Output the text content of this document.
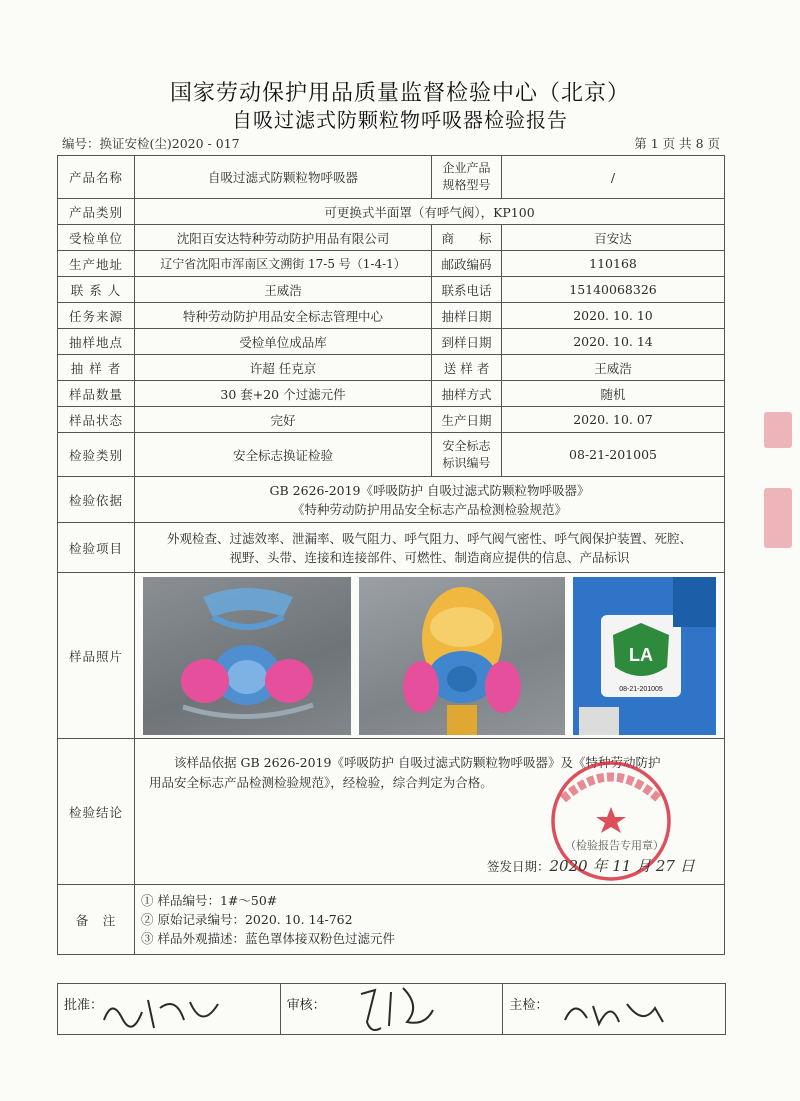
国家劳动保护用品质量监督检验中心（北京）
自吸过滤式防颗粒物呼吸器检验报告
编号：换证安检(尘)2020 - 017	第 1 页 共 8 页
产品名称	自吸过滤式防颗粒物呼吸器	企业产品规格型号	/
产品类别	可更换式半面罩（有呼气阀），KP100		
受检单位	沈阳百安达特种劳动防护用品有限公司	商　　标	百安达
生产地址	辽宁省沈阳市浑南区文溯街 17-5 号（1-4-1）	邮政编码	110168
联 系 人	王威浩	联系电话	15140068326
任务来源	特种劳动防护用品安全标志管理中心	抽样日期	2020. 10. 10
抽样地点	受检单位成品库	到样日期	2020. 10. 14
抽 样 者	许超 任克京	送 样 者	王威浩
样品数量	30 套+20 个过滤元件	抽样方式	随机
样品状态	完好	生产日期	2020. 10. 07
检验类别	安全标志换证检验	安全标志标识编号	08-21-201005
检验依据	GB 2626-2019《呼吸防护 自吸过滤式防颗粒物呼吸器》
《特种劳动防护用品安全标志产品检测检验规范》		

检验项目	外观检查、过滤效率、泄漏率、吸气阻力、呼气阻力、呼气阀气密性、呼气阀保护装置、死腔、
视野、头带、连接和连接部件、可燃性、制造商应提供的信息、产品标识		

样品照片	LA
08-21-201005		

检验结论	该样品依据 GB 2626-2019《呼吸防护 自吸过滤式防颗粒物呼吸器》及《特种劳动防护用品安全标志产品检测检验规范》，经检验，综合判定为合格。
（检验报告专用章）
签发日期：2020 年 11 月 27 日		

备　注	① 样品编号：1#～50#
② 原始记录编号：2020. 10. 14-762
③ 样品外观描述：蓝色罩体接双粉色过滤元件		
批准：	审核：	主检：
